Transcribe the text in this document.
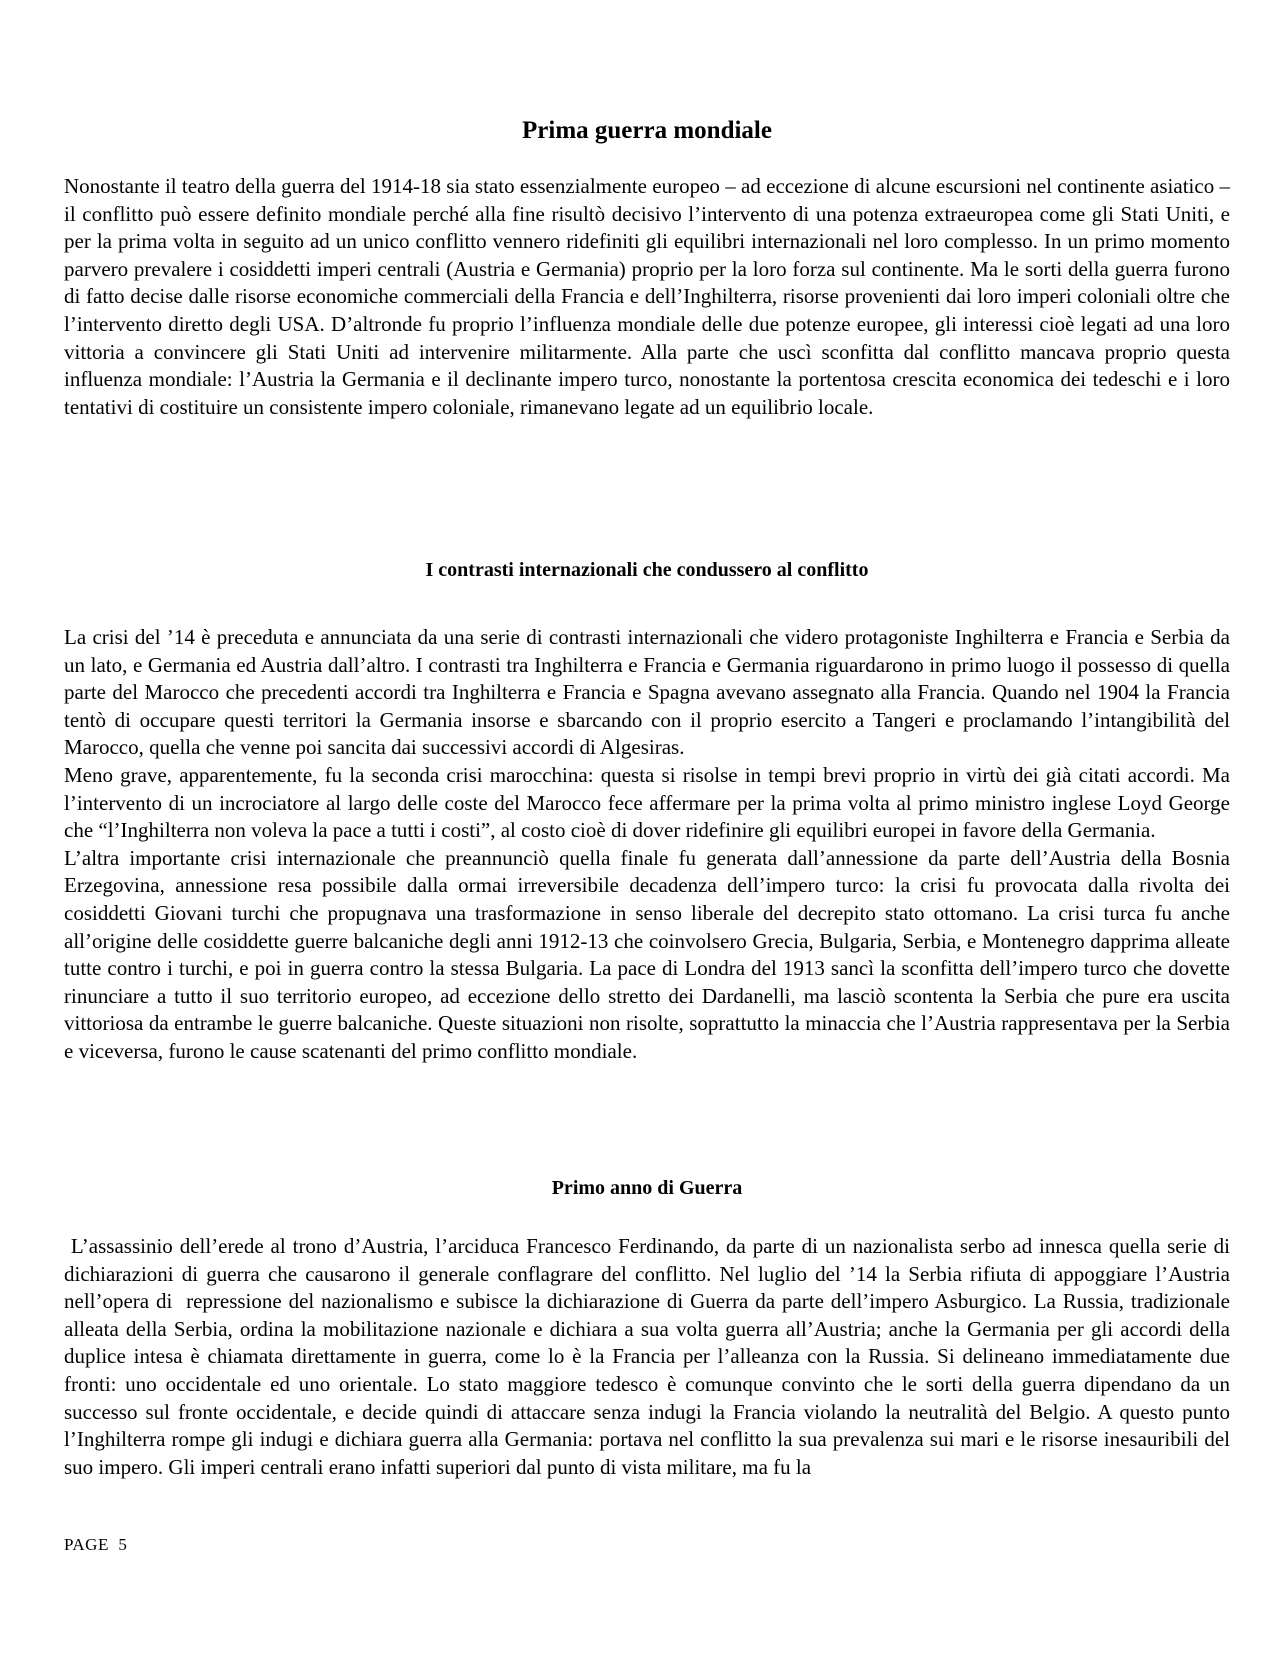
Prima guerra mondiale

Nonostante il teatro della guerra del 1914-18 sia stato essenzialmente europeo – ad eccezione di alcune escursioni nel continente asiatico – il conflitto può essere definito mondiale perché alla fine risultò decisivo l’intervento di una potenza extraeuropea come gli Stati Uniti, e per la prima volta in seguito ad un unico conflitto vennero ridefiniti gli equilibri internazionali nel loro complesso. In un primo momento parvero prevalere i cosiddetti imperi centrali (Austria e Germania) proprio per la loro forza sul continente. Ma le sorti della guerra furono di fatto decise dalle risorse economiche commerciali della Francia e dell’Inghilterra, risorse provenienti dai loro imperi coloniali oltre che l’intervento diretto degli USA. D’altronde fu proprio l’influenza mondiale delle due potenze europee, gli interessi cioè legati ad una loro vittoria a convincere gli Stati Uniti ad intervenire militarmente. Alla parte che uscì sconfitta dal conflitto mancava proprio questa influenza mondiale: l’Austria la Germania e il declinante impero turco, nonostante la portentosa crescita economica dei tedeschi e i loro tentativi di costituire un consistente impero coloniale, rimanevano legate ad un equilibrio locale.

I contrasti internazionali che condussero al conflitto

La crisi del ’14 è preceduta e annunciata da una serie di contrasti internazionali che videro protagoniste Inghilterra e Francia e Serbia da un lato, e Germania ed Austria dall’altro. I contrasti tra Inghilterra e Francia e Germania riguardarono in primo luogo il possesso di quella parte del Marocco che precedenti accordi tra Inghilterra e Francia e Spagna avevano assegnato alla Francia. Quando nel 1904 la Francia tentò di occupare questi territori la Germania insorse e sbarcando con il proprio esercito a Tangeri e proclamando l’intangibilità del Marocco, quella che venne poi sancita dai successivi accordi di Algesiras.

Meno grave, apparentemente, fu la seconda crisi marocchina: questa si risolse in tempi brevi proprio in virtù dei già citati accordi. Ma l’intervento di un incrociatore al largo delle coste del Marocco fece affermare per la prima volta al primo ministro inglese Loyd George che “l’Inghilterra non voleva la pace a tutti i costi”, al costo cioè di dover ridefinire gli equilibri europei in favore della Germania.

L’altra importante crisi internazionale che preannunciò quella finale fu generata dall’annessione da parte dell’Austria della Bosnia Erzegovina, annessione resa possibile dalla ormai irreversibile decadenza dell’impero turco: la crisi fu provocata dalla rivolta dei cosiddetti Giovani turchi che propugnava una trasformazione in senso liberale del decrepito stato ottomano. La crisi turca fu anche all’origine delle cosiddette guerre balcaniche degli anni 1912-13 che coinvolsero Grecia, Bulgaria, Serbia, e Montenegro dapprima alleate tutte contro i turchi, e poi in guerra contro la stessa Bulgaria. La pace di Londra del 1913 sancì la sconfitta dell’impero turco che dovette rinunciare a tutto il suo territorio europeo, ad eccezione dello stretto dei Dardanelli, ma lasciò scontenta la Serbia che pure era uscita vittoriosa da entrambe le guerre balcaniche. Queste situazioni non risolte, soprattutto la minaccia che l’Austria rappresentava per la Serbia e viceversa, furono le cause scatenanti del primo conflitto mondiale.

Primo anno di Guerra

L’assassinio dell’erede al trono d’Austria, l’arciduca Francesco Ferdinando, da parte di un nazionalista serbo ad innesca quella serie di dichiarazioni di guerra che causarono il generale conflagrare del conflitto. Nel luglio del ’14 la Serbia rifiuta di appoggiare l’Austria nell’opera di  repressione del nazionalismo e subisce la dichiarazione di Guerra da parte dell’impero Asburgico. La Russia, tradizionale alleata della Serbia, ordina la mobilitazione nazionale e dichiara a sua volta guerra all’Austria; anche la Germania per gli accordi della duplice intesa è chiamata direttamente in guerra, come lo è la Francia per l’alleanza con la Russia. Si delineano immediatamente due fronti: uno occidentale ed uno orientale. Lo stato maggiore tedesco è comunque convinto che le sorti della guerra dipendano da un successo sul fronte occidentale, e decide quindi di attaccare senza indugi la Francia violando la neutralità del Belgio. A questo punto l’Inghilterra rompe gli indugi e dichiara guerra alla Germania: portava nel conflitto la sua prevalenza sui mari e le risorse inesauribili del suo impero. Gli imperi centrali erano infatti superiori dal punto di vista militare, ma fu la

PAGE  5
